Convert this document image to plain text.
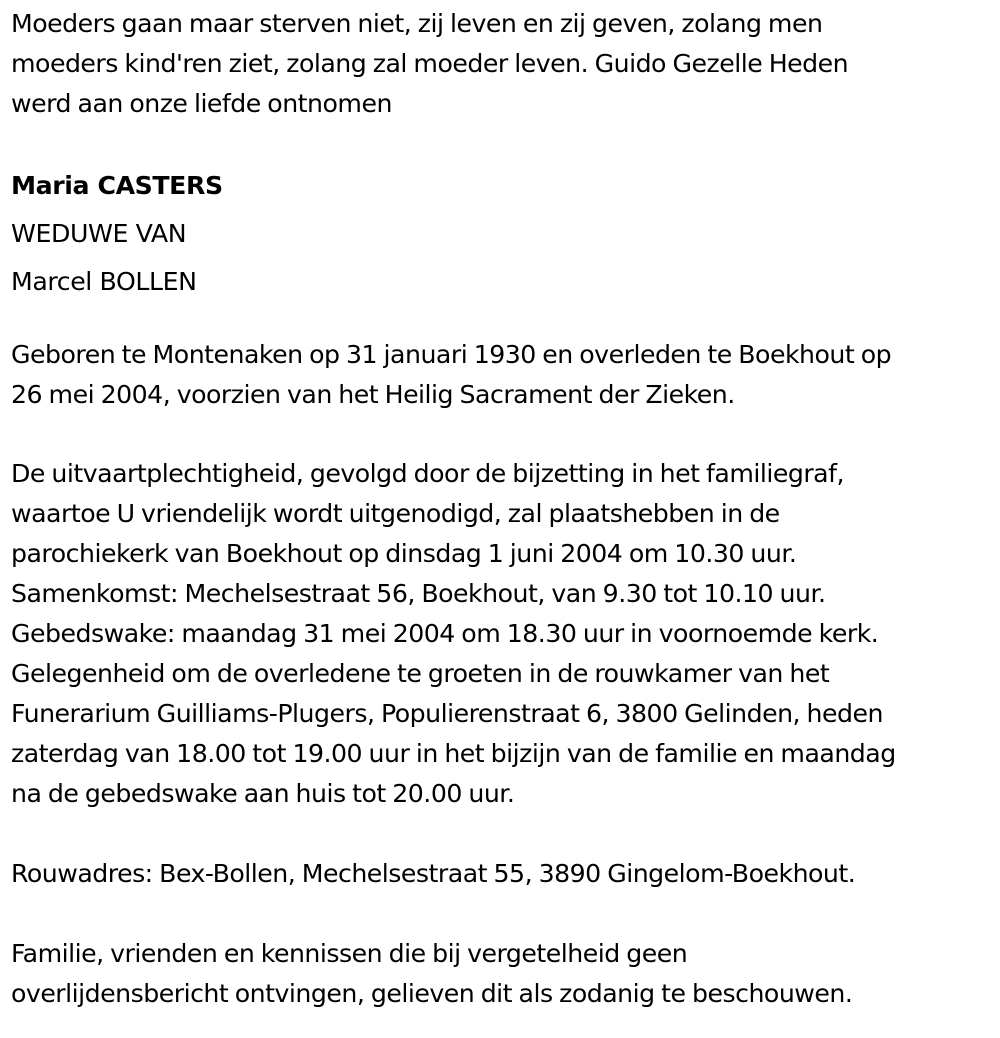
Moeders gaan maar sterven niet, zij leven en zij geven, zolang men
moeders kind'ren ziet, zolang zal moeder leven. Guido Gezelle Heden
werd aan onze liefde ontnomen

Maria CASTERS

WEDUWE VAN

Marcel BOLLEN

Geboren te Montenaken op 31 januari 1930 en overleden te Boekhout op
26 mei 2004, voorzien van het Heilig Sacrament der Zieken.

De uitvaartplechtigheid, gevolgd door de bijzetting in het familiegraf,
waartoe U vriendelijk wordt uitgenodigd, zal plaatshebben in de
parochiekerk van Boekhout op dinsdag 1 juni 2004 om 10.30 uur.
Samenkomst: Mechelsestraat 56, Boekhout, van 9.30 tot 10.10 uur.
Gebedswake: maandag 31 mei 2004 om 18.30 uur in voornoemde kerk.
Gelegenheid om de overledene te groeten in de rouwkamer van het
Funerarium Guilliams-Plugers, Populierenstraat 6, 3800 Gelinden, heden
zaterdag van 18.00 tot 19.00 uur in het bijzijn van de familie en maandag
na de gebedswake aan huis tot 20.00 uur.

Rouwadres: Bex-Bollen, Mechelsestraat 55, 3890 Gingelom-Boekhout.

Familie, vrienden en kennissen die bij vergetelheid geen
overlijdensbericht ontvingen, gelieven dit als zodanig te beschouwen.
